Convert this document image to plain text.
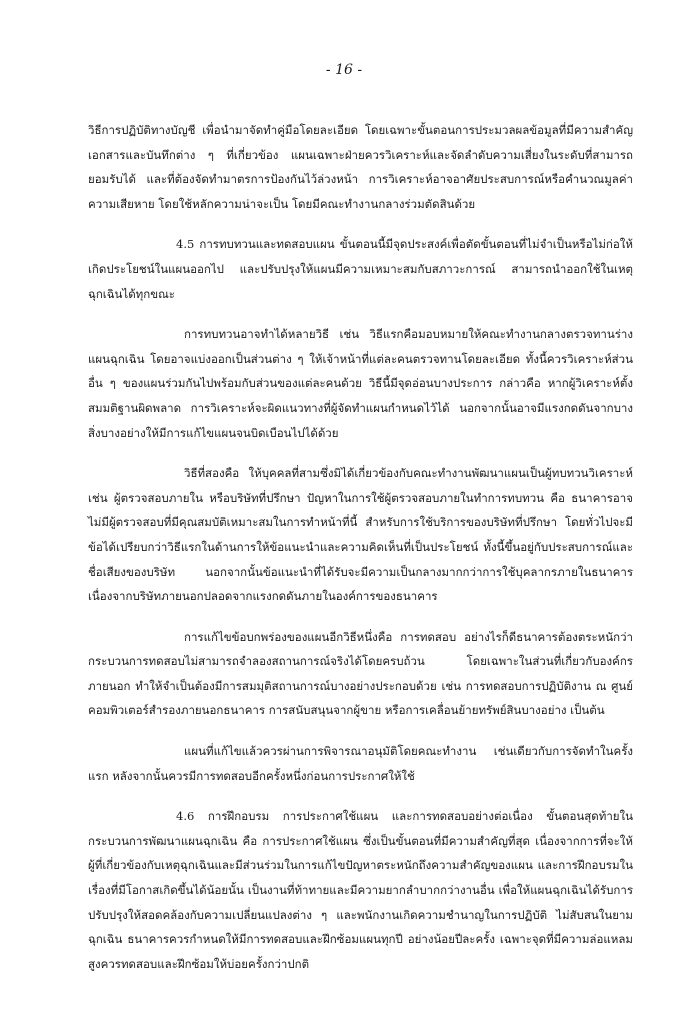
- 16 -

วิธีการปฏิบัติทางบัญชี เพื่อนำมาจัดทำคู่มือโดยละเอียด โดยเฉพาะขั้นตอนการประมวลผลข้อมูลที่มีความสำคัญ เอกสารและบันทึกต่าง ๆ ที่เกี่ยวข้อง แผนเฉพาะฝ่ายควรวิเคราะห์และจัดลำดับความเสี่ยงในระดับที่สามารถยอมรับได้ และที่ต้องจัดทำมาตรการป้องกันไว้ล่วงหน้า การวิเคราะห์อาจอาศัยประสบการณ์หรือคำนวณมูลค่าความเสียหาย โดยใช้หลักความน่าจะเป็น โดยมีคณะทำงานกลางร่วมตัดสินด้วย

4.5 การทบทวนและทดสอบแผน ขั้นตอนนี้มีจุดประสงค์เพื่อตัดขั้นตอนที่ไม่จำเป็นหรือไม่ก่อให้เกิดประโยชน์ในแผนออกไป และปรับปรุงให้แผนมีความเหมาะสมกับสภาวะการณ์ สามารถนำออกใช้ในเหตุฉุกเฉินได้ทุกขณะ

การทบทวนอาจทำได้หลายวิธี เช่น วิธีแรกคือมอบหมายให้คณะทำงานกลางตรวจทานร่างแผนฉุกเฉิน โดยอาจแบ่งออกเป็นส่วนต่าง ๆ ให้เจ้าหน้าที่แต่ละคนตรวจทานโดยละเอียด ทั้งนี้ควรวิเคราะห์ส่วนอื่น ๆ ของแผนร่วมกันไปพร้อมกับส่วนของแต่ละคนด้วย วิธีนี้มีจุดอ่อนบางประการ กล่าวคือ หากผู้วิเคราะห์ตั้งสมมติฐานผิดพลาด การวิเคราะห์จะผิดแนวทางที่ผู้จัดทำแผนกำหนดไว้ได้ นอกจากนั้นอาจมีแรงกดดันจากบางสิ่งบางอย่างให้มีการแก้ไขแผนจนบิดเบือนไปได้ด้วย

วิธีที่สองคือ ให้บุคคลที่สามซึ่งมิได้เกี่ยวข้องกับคณะทำงานพัฒนาแผนเป็นผู้ทบทวนวิเคราะห์ เช่น ผู้ตรวจสอบภายใน หรือบริษัทที่ปรึกษา ปัญหาในการใช้ผู้ตรวจสอบภายในทำการทบทวน คือ ธนาคารอาจไม่มีผู้ตรวจสอบที่มีคุณสมบัติเหมาะสมในการทำหน้าที่นี้ สำหรับการใช้บริการของบริษัทที่ปรึกษา โดยทั่วไปจะมีข้อได้เปรียบกว่าวิธีแรกในด้านการให้ข้อแนะนำและความคิดเห็นที่เป็นประโยชน์ ทั้งนี้ขึ้นอยู่กับประสบการณ์และชื่อเสียงของบริษัท นอกจากนั้นข้อแนะนำที่ได้รับจะมีความเป็นกลางมากกว่าการใช้บุคลากรภายในธนาคาร เนื่องจากบริษัทภายนอกปลอดจากแรงกดดันภายในองค์การของธนาคาร

การแก้ไขข้อบกพร่องของแผนอีกวิธีหนึ่งคือ การทดสอบ อย่างไรก็ดีธนาคารต้องตระหนักว่ากระบวนการทดสอบไม่สามารถจำลองสถานการณ์จริงได้โดยครบถ้วน โดยเฉพาะในส่วนที่เกี่ยวกับองค์กรภายนอก ทำให้จำเป็นต้องมีการสมมุติสถานการณ์บางอย่างประกอบด้วย เช่น การทดสอบการปฏิบัติงาน ณ ศูนย์คอมพิวเตอร์สำรองภายนอกธนาคาร การสนับสนุนจากผู้ขาย หรือการเคลื่อนย้ายทรัพย์สินบางอย่าง เป็นต้น

แผนที่แก้ไขแล้วควรผ่านการพิจารณาอนุมัติโดยคณะทำงาน เช่นเดียวกับการจัดทำในครั้งแรก หลังจากนั้นควรมีการทดสอบอีกครั้งหนึ่งก่อนการประกาศให้ใช้

4.6 การฝึกอบรม การประกาศใช้แผน และการทดสอบอย่างต่อเนื่อง ขั้นตอนสุดท้ายในกระบวนการพัฒนาแผนฉุกเฉิน คือ การประกาศใช้แผน ซึ่งเป็นขั้นตอนที่มีความสำคัญที่สุด เนื่องจากการที่จะให้ผู้ที่เกี่ยวข้องกับเหตุฉุกเฉินและมีส่วนร่วมในการแก้ไขปัญหาตระหนักถึงความสำคัญของแผน และการฝึกอบรมในเรื่องที่มีโอกาสเกิดขึ้นได้น้อยนั้น เป็นงานที่ท้าทายและมีความยากลำบากกว่างานอื่น เพื่อให้แผนฉุกเฉินได้รับการปรับปรุงให้สอดคล้องกับความเปลี่ยนแปลงต่าง ๆ และพนักงานเกิดความชำนาญในการปฏิบัติ ไม่สับสนในยามฉุกเฉิน ธนาคารควรกำหนดให้มีการทดสอบและฝึกซ้อมแผนทุกปี อย่างน้อยปีละครั้ง เฉพาะจุดที่มีความล่อแหลมสูงควรทดสอบและฝึกซ้อมให้บ่อยครั้งกว่าปกติ
